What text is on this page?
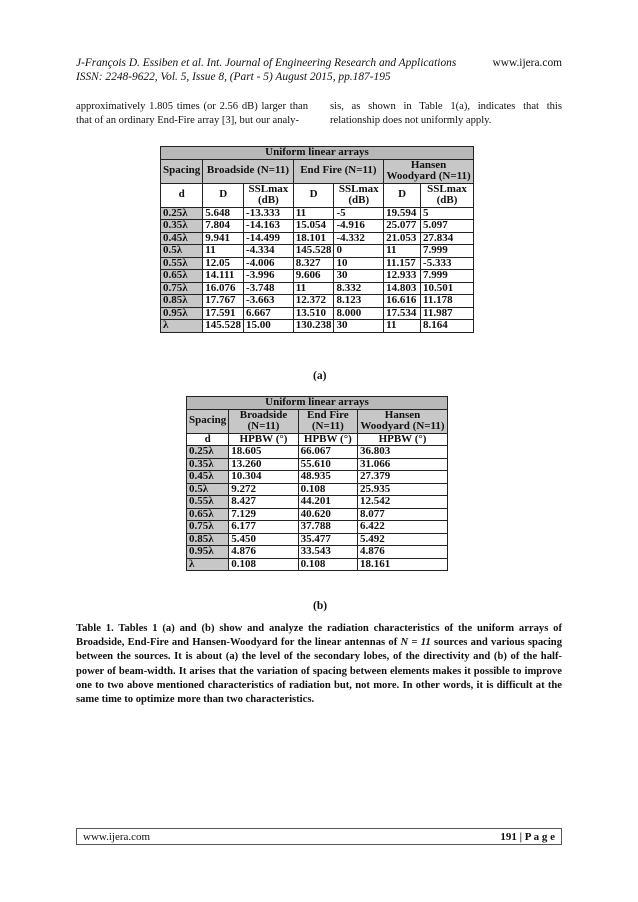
J-François D. Essiben et al. Int. Journal of Engineering Research and Applications	www.ijera.com
ISSN: 2248-9622, Vol. 5, Issue 8, (Part - 5) August 2015, pp.187-195
approximatively 1.805 times (or 2.56 dB) larger than that of an ordinary End-Fire array [3], but our analy-
sis, as shown in Table 1(a), indicates that this relationship does not uniformly apply.
Uniform linear arrays						
Spacing	Broadside (N=11)		End Fire (N=11)		Hansen Woodyard (N=11)	
d	D	SSLmax (dB)	D	SSLmax (dB)	D	SSLmax (dB)
0.25λ	5.648	-13.333	11	-5	19.594	5
0.35λ	7.804	-14.163	15.054	-4.916	25.077	5.097
0.45λ	9.941	-14.499	18.101	-4.332	21.053	27.834
0.5λ	11	-4.334	145.528	0	11	7.999
0.55λ	12.05	-4.006	8.327	10	11.157	-5.333
0.65λ	14.111	-3.996	9.606	30	12.933	7.999
0.75λ	16.076	-3.748	11	8.332	14.803	10.501
0.85λ	17.767	-3.663	12.372	8.123	16.616	11.178
0.95λ	17.591	6.667	13.510	8.000	17.534	11.987
λ	145.528	15.00	130.238	30	11	8.164
(a)
Uniform linear arrays			
Spacing	Broadside (N=11)	End Fire (N=11)	Hansen Woodyard (N=11)
d	HPBW (°)	HPBW (°)	HPBW (°)
0.25λ	18.605	66.067	36.803
0.35λ	13.260	55.610	31.066
0.45λ	10.304	48.935	27.379
0.5λ	9.272	0.108	25.935
0.55λ	8.427	44.201	12.542
0.65λ	7.129	40.620	8.077
0.75λ	6.177	37.788	6.422
0.85λ	5.450	35.477	5.492
0.95λ	4.876	33.543	4.876
λ	0.108	0.108	18.161
(b)
Table 1. Tables 1 (a) and (b) show and analyze the radiation characteristics of the uniform arrays of Broadside, End-Fire and Hansen-Woodyard for the linear antennas of N = 11 sources and various spacing between the sources. It is about (a) the level of the secondary lobes, of the directivity and (b) of the half-power of beam-width. It arises that the variation of spacing between elements makes it possible to improve one to two above mentioned characteristics of radiation but, not more. In other words, it is difficult at the same time to optimize more than two characteristics.
www.ijera.com	191 | P a g e
